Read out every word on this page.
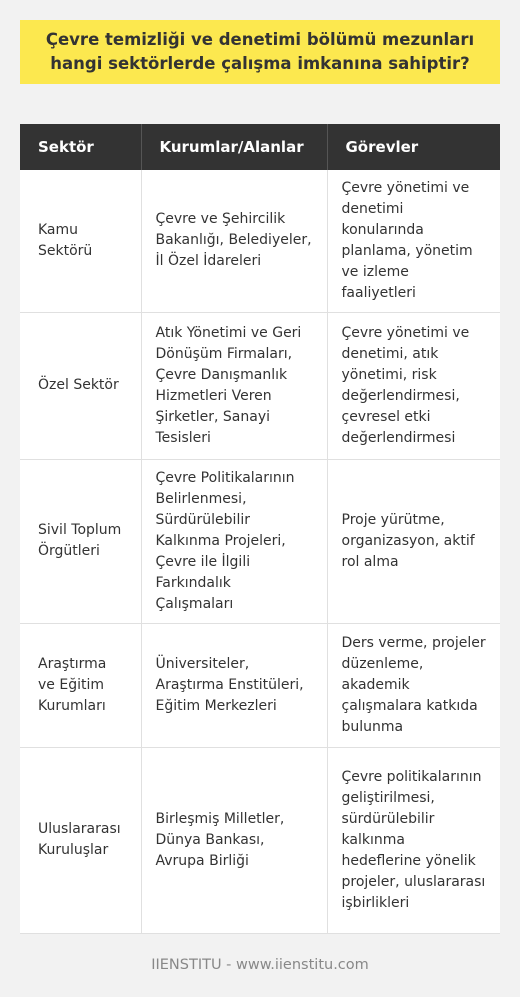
Çevre temizliği ve denetimi bölümü mezunları hangi sektörlerde çalışma imkanına sahiptir?
Sektör	Kurumlar/Alanlar	Görevler
Kamu Sektörü	Çevre ve Şehircilik Bakanlığı, Belediyeler, İl Özel İdareleri	Çevre yönetimi ve denetimi konularında planlama, yönetim ve izleme faaliyetleri
Özel Sektör	Atık Yönetimi ve Geri Dönüşüm Firmaları, Çevre Danışmanlık Hizmetleri Veren Şirketler, Sanayi Tesisleri	Çevre yönetimi ve denetimi, atık yönetimi, risk değerlendirmesi, çevresel etki değerlendirmesi
Sivil Toplum Örgütleri	Çevre Politikalarının Belirlenmesi, Sürdürülebilir Kalkınma Projeleri, Çevre ile İlgili Farkındalık Çalışmaları	Proje yürütme, organizasyon, aktif rol alma
Araştırma ve Eğitim Kurumları	Üniversiteler, Araştırma Enstitüleri, Eğitim Merkezleri	Ders verme, projeler düzenleme, akademik çalışmalara katkıda bulunma
Uluslararası Kuruluşlar	Birleşmiş Milletler, Dünya Bankası, Avrupa Birliği	Çevre politikalarının geliştirilmesi, sürdürülebilir kalkınma hedeflerine yönelik projeler, uluslararası işbirlikleri
IIENSTITU - www.iienstitu.com
